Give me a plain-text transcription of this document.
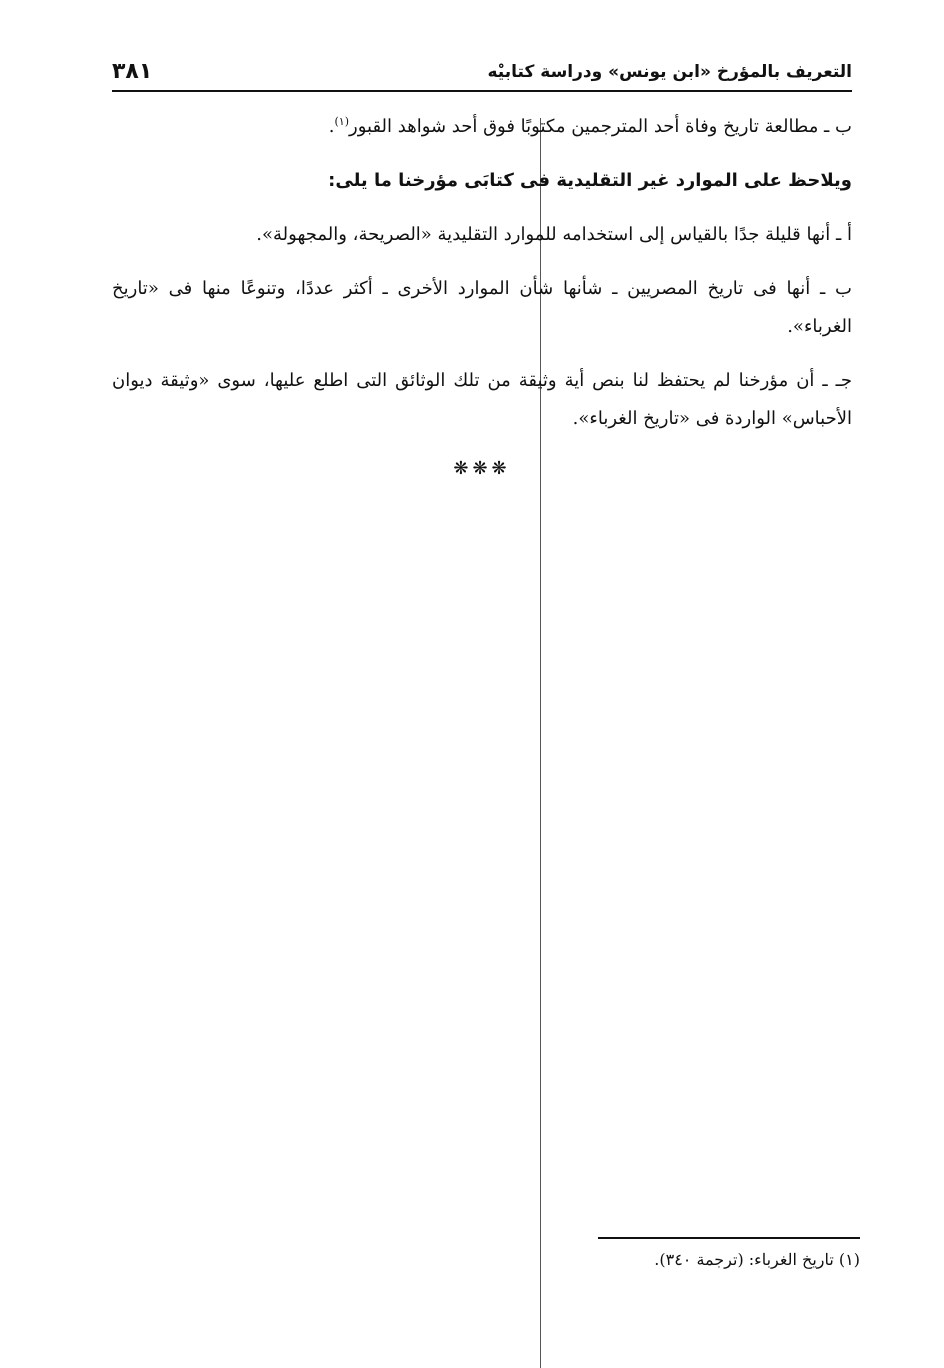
التعريف بالمؤرخ «ابن يونس» ودراسة كتابيْه
٣٨١

ب ـ مطالعة تاريخ وفاة أحد المترجمين مكتوبًا فوق أحد شواهد القبور$^{(١)}$.

ويلاحظ على الموارد غير التقليدية فى كتابَى مؤرخنا ما يلى:

أ ـ أنها قليلة جدًا بالقياس إلى استخدامه للموارد التقليدية «الصريحة، والمجهولة».

ب ـ أنها فى تاريخ المصريين ـ شأنها شأن الموارد الأخرى ـ أكثر عددًا، وتنوعًا منها فى «تاريخ الغرباء».

جـ ـ أن مؤرخنا لم يحتفظ لنا بنص أية وثيقة من تلك الوثائق التى اطلع عليها، سوى «وثيقة ديوان الأحباس» الواردة فى «تاريخ الغرباء».

❋❋❋
(١) تاريخ الغرباء: (ترجمة ٣٤٠).
